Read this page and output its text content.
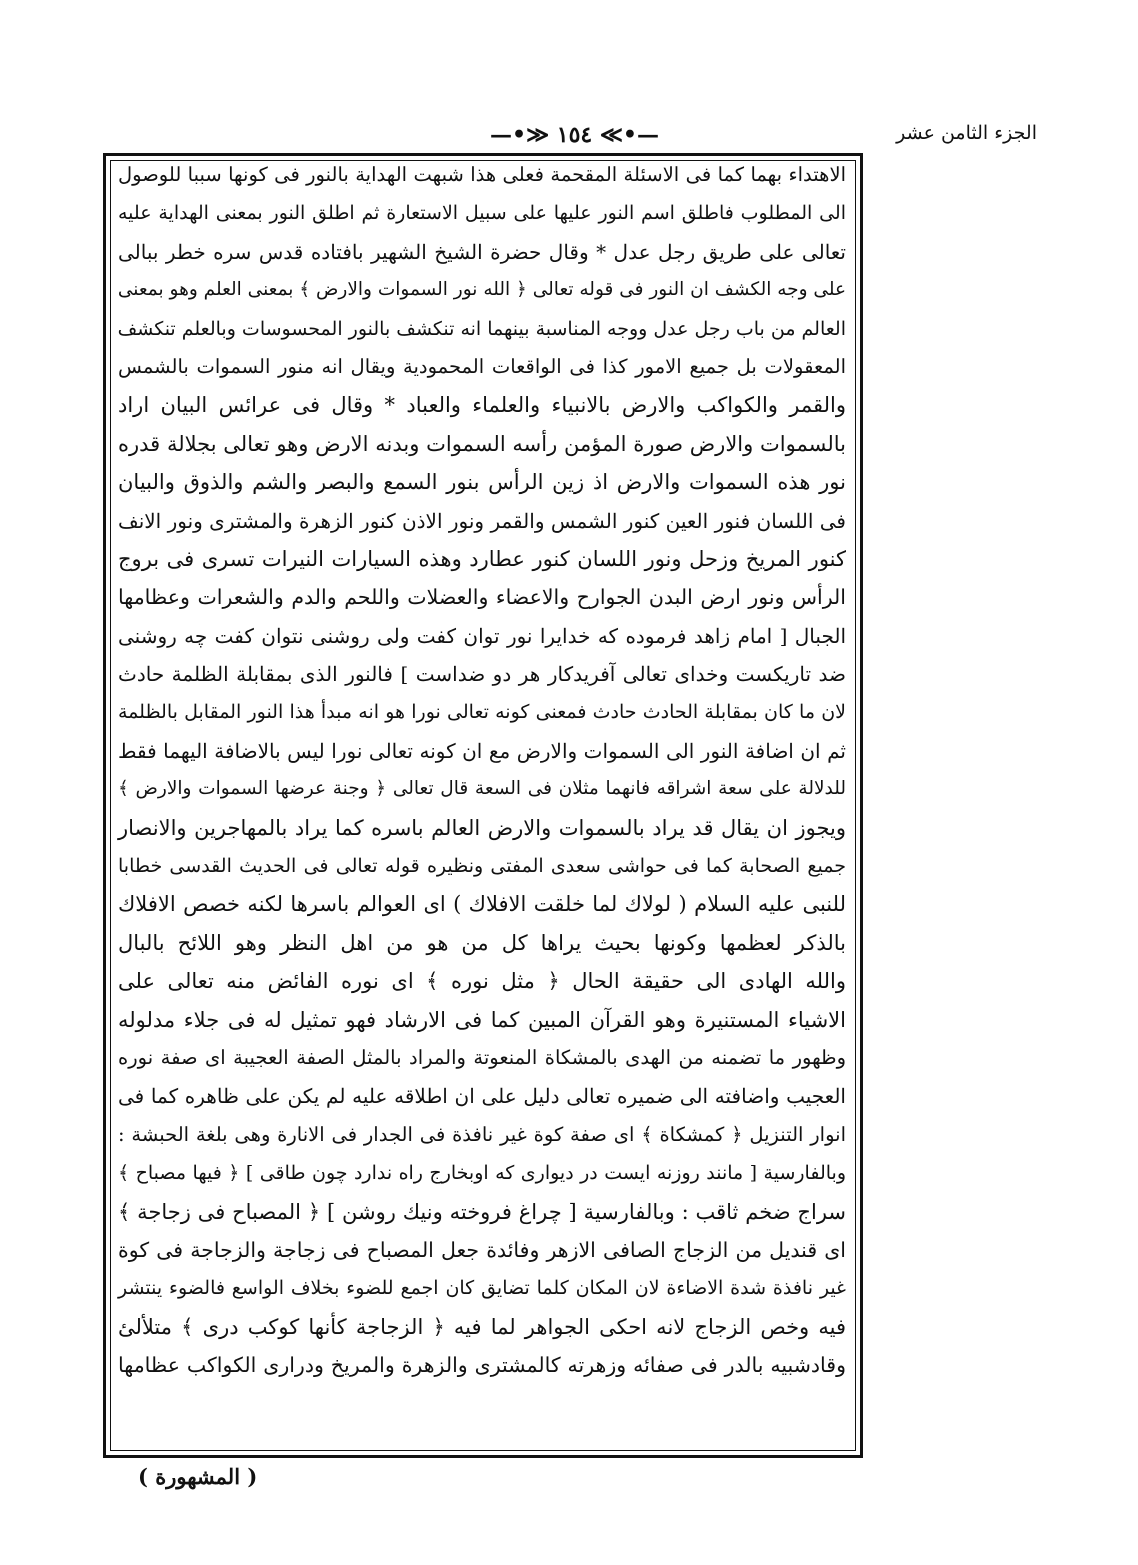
الجزء الثامن عشر
—•≫ ١٥٤ ≪•—
الاهتداء بهما كما فى الاسئلة المقحمة فعلى هذا شبهت الهداية بالنور فى كونها سببا للوصول
الى المطلوب فاطلق اسم النور عليها على سبيل الاستعارة ثم اطلق النور بمعنى الهداية عليه
تعالى على طريق رجل عدل * وقال حضرة الشيخ الشهير بافتاده قدس سره خطر ببالى
على وجه الكشف ان النور فى قوله تعالى ﴿ الله نور السموات والارض ﴾ بمعنى العلم وهو بمعنى
العالم من باب رجل عدل ووجه المناسبة بينهما انه تنكشف بالنور المحسوسات وبالعلم تنكشف
المعقولات بل جميع الامور كذا فى الواقعات المحمودية ويقال انه منور السموات بالشمس
والقمر والكواكب والارض بالانبياء والعلماء والعباد * وقال فى عرائس البيان اراد
بالسموات والارض صورة المؤمن رأسه السموات وبدنه الارض وهو تعالى بجلالة قدره
نور هذه السموات والارض اذ زين الرأس بنور السمع والبصر والشم والذوق والبيان
فى اللسان فنور العين كنور الشمس والقمر ونور الاذن كنور الزهرة والمشترى ونور الانف
كنور المريخ وزحل ونور اللسان كنور عطارد وهذه السيارات النيرات تسرى فى بروج
الرأس ونور ارض البدن الجوارح والاعضاء والعضلات واللحم والدم والشعرات وعظامها
الجبال [ امام زاهد فرموده كه خدايرا نور توان كفت ولى روشنى نتوان كفت چه روشنى
ضد تاريكست وخداى تعالى آفريدكار هر دو ضداست ] فالنور الذى بمقابلة الظلمة حادث
لان ما كان بمقابلة الحادث حادث فمعنى كونه تعالى نورا هو انه مبدأ هذا النور المقابل بالظلمة
ثم ان اضافة النور الى السموات والارض مع ان كونه تعالى نورا ليس بالاضافة اليهما فقط
للدلالة على سعة اشراقه فانهما مثلان فى السعة قال تعالى ﴿ وجنة عرضها السموات والارض ﴾
ويجوز ان يقال قد يراد بالسموات والارض العالم باسره كما يراد بالمهاجرين والانصار
جميع الصحابة كما فى حواشى سعدى المفتى ونظيره قوله تعالى فى الحديث القدسى خطابا
للنبى عليه السلام ( لولاك لما خلقت الافلاك ) اى العوالم باسرها لكنه خصص الافلاك
بالذكر لعظمها وكونها بحيث يراها كل من هو من اهل النظر وهو اللائح بالبال
والله الهادى الى حقيقة الحال ﴿ مثل نوره ﴾ اى نوره الفائض منه تعالى على
الاشياء المستنيرة وهو القرآن المبين كما فى الارشاد فهو تمثيل له فى جلاء مدلوله
وظهور ما تضمنه من الهدى بالمشكاة المنعوتة والمراد بالمثل الصفة العجيبة اى صفة نوره
العجيب واضافته الى ضميره تعالى دليل على ان اطلاقه عليه لم يكن على ظاهره كما فى
انوار التنزيل ﴿ كمشكاة ﴾ اى صفة كوة غير نافذة فى الجدار فى الانارة وهى بلغة الحبشة :
وبالفارسية [ مانند روزنه ايست در ديوارى كه اوبخارج راه ندارد چون طاقى ] ﴿ فيها مصباح ﴾
سراج ضخم ثاقب : وبالفارسية [ چراغ فروخته ونيك روشن ] ﴿ المصباح فى زجاجة ﴾
اى قنديل من الزجاج الصافى الازهر وفائدة جعل المصباح فى زجاجة والزجاجة فى كوة
غير نافذة شدة الاضاءة لان المكان كلما تضايق كان اجمع للضوء بخلاف الواسع فالضوء ينتشر
فيه وخص الزجاج لانه احكى الجواهر لما فيه ﴿ الزجاجة كأنها كوكب درى ﴾ متلألئ
وقادشبيه بالدر فى صفائه وزهرته كالمشترى والزهرة والمريخ ودرارى الكواكب عظامها
( المشهورة )
